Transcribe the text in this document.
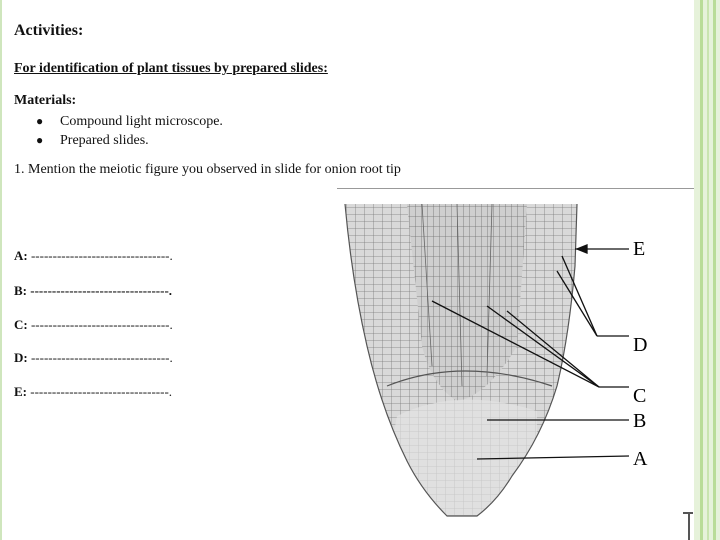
Activities:
For identification of plant tissues by prepared slides:
Materials:
● Compound light microscope.
● Prepared slides.
1. Mention the meiotic figure you observed in slide for onion root tip
A: --------------------------------.
B: --------------------------------.
C: --------------------------------.
D: --------------------------------.
E: --------------------------------.
E
D
C
B
A
